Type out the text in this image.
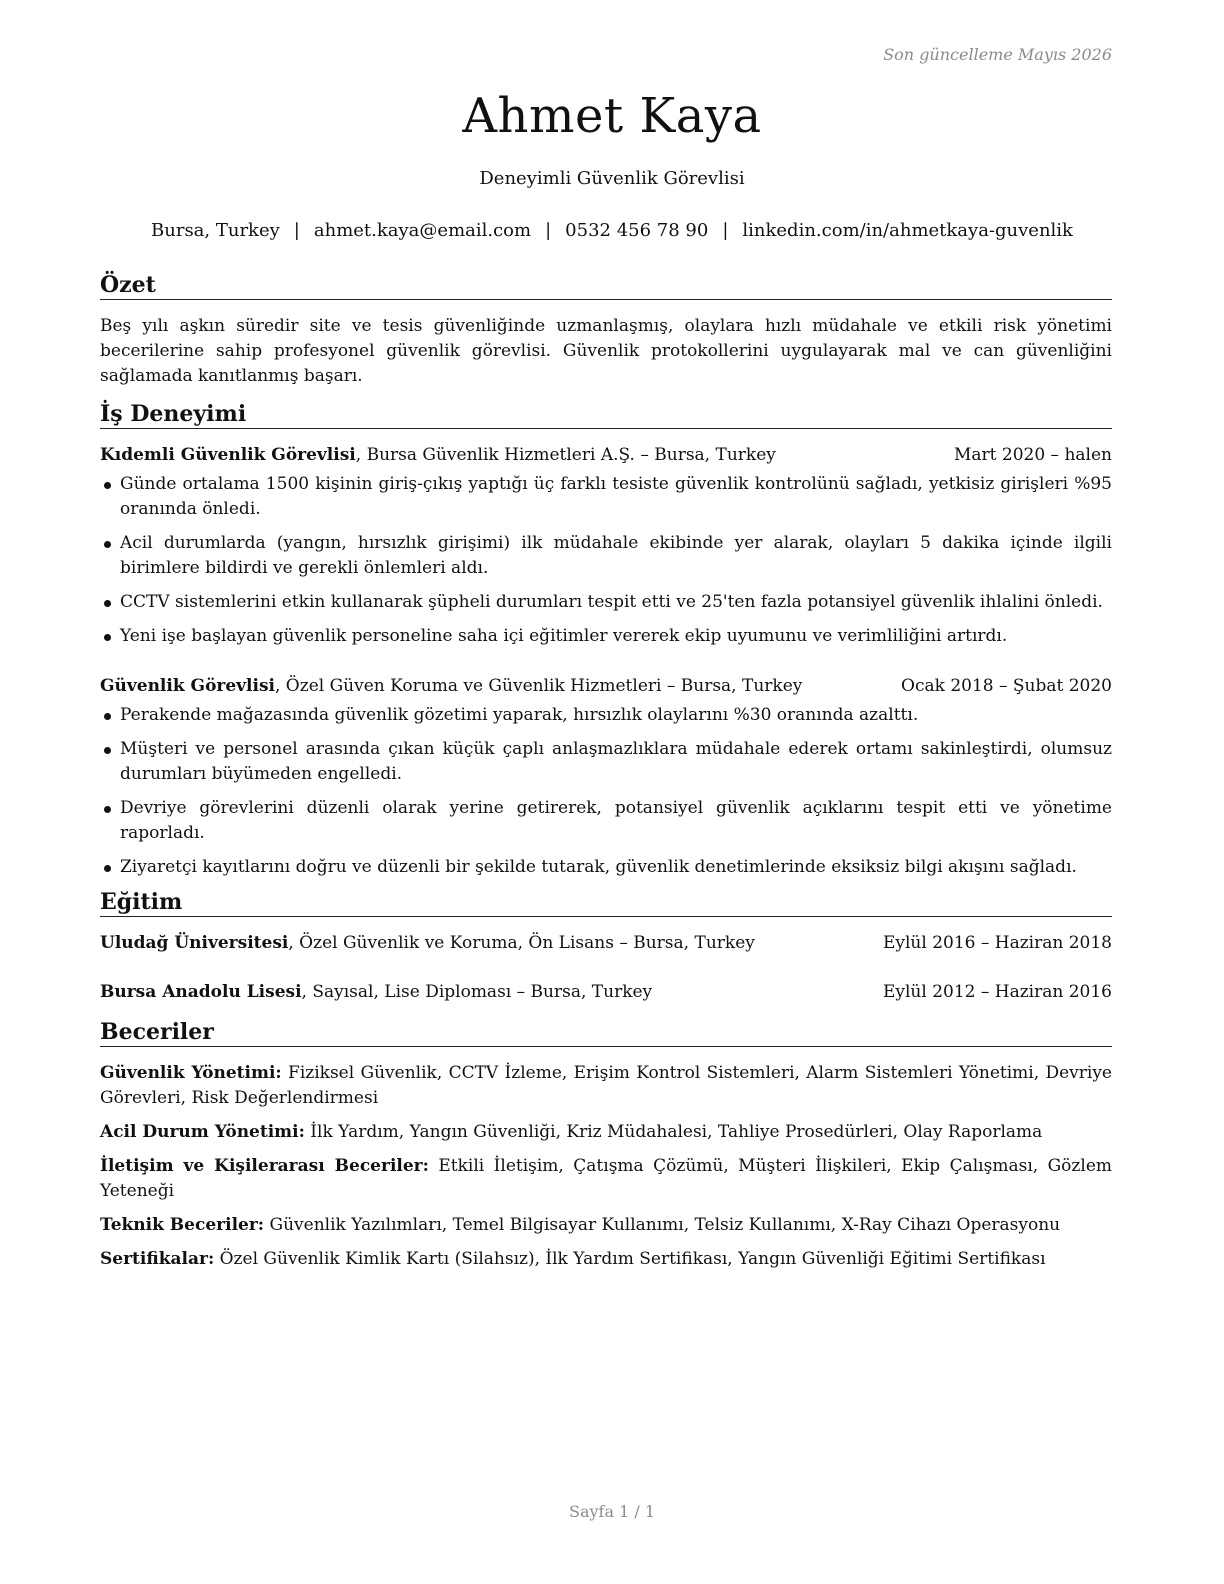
Son güncelleme Mayıs 2026
Ahmet Kaya
Deneyimli Güvenlik Görevlisi
Bursa, Turkey | ahmet.kaya@email.com | 0532 456 78 90 | linkedin.com/in/ahmetkaya-guvenlik
Özet

Beş yılı aşkın süredir site ve tesis güvenliğinde uzmanlaşmış, olaylara hızlı müdahale ve etkili risk yönetimi becerilerine sahip profesyonel güvenlik görevlisi. Güvenlik protokollerini uygulayarak mal ve can güvenliğini sağlamada kanıtlanmış başarı.

İş Deneyimi
Kıdemli Güvenlik Görevlisi, Bursa Güvenlik Hizmetleri A.Ş. – Bursa, Turkey	Mart 2020 – halen
Günde ortalama 1500 kişinin giriş-çıkış yaptığı üç farklı tesiste güvenlik kontrolünü sağladı, yetkisiz girişleri %95 oranında önledi.
Acil durumlarda (yangın, hırsızlık girişimi) ilk müdahale ekibinde yer alarak, olayları 5 dakika içinde ilgili birimlere bildirdi ve gerekli önlemleri aldı.
CCTV sistemlerini etkin kullanarak şüpheli durumları tespit etti ve 25'ten fazla potansiyel güvenlik ihlalini önledi.
Yeni işe başlayan güvenlik personeline saha içi eğitimler vererek ekip uyumunu ve verimliliğini artırdı.
Güvenlik Görevlisi, Özel Güven Koruma ve Güvenlik Hizmetleri – Bursa, Turkey	Ocak 2018 – Şubat 2020
Perakende mağazasında güvenlik gözetimi yaparak, hırsızlık olaylarını %30 oranında azalttı.
Müşteri ve personel arasında çıkan küçük çaplı anlaşmazlıklara müdahale ederek ortamı sakinleştirdi, olumsuz durumları büyümeden engelledi.
Devriye görevlerini düzenli olarak yerine getirerek, potansiyel güvenlik açıklarını tespit etti ve yönetime raporladı.
Ziyaretçi kayıtlarını doğru ve düzenli bir şekilde tutarak, güvenlik denetimlerinde eksiksiz bilgi akışını sağladı.
Eğitim
Uludağ Üniversitesi, Özel Güvenlik ve Koruma, Ön Lisans – Bursa, Turkey	Eylül 2016 – Haziran 2018
Bursa Anadolu Lisesi, Sayısal, Lise Diploması – Bursa, Turkey	Eylül 2012 – Haziran 2016
Beceriler
Güvenlik Yönetimi: Fiziksel Güvenlik, CCTV İzleme, Erişim Kontrol Sistemleri, Alarm Sistemleri Yönetimi, Devriye Görevleri, Risk Değerlendirmesi
Acil Durum Yönetimi: İlk Yardım, Yangın Güvenliği, Kriz Müdahalesi, Tahliye Prosedürleri, Olay Raporlama
İletişim ve Kişilerarası Beceriler: Etkili İletişim, Çatışma Çözümü, Müşteri İlişkileri, Ekip Çalışması, Gözlem Yeteneği
Teknik Beceriler: Güvenlik Yazılımları, Temel Bilgisayar Kullanımı, Telsiz Kullanımı, X-Ray Cihazı Operasyonu
Sertifikalar: Özel Güvenlik Kimlik Kartı (Silahsız), İlk Yardım Sertifikası, Yangın Güvenliği Eğitimi Sertifikası
Sayfa 1 / 1
